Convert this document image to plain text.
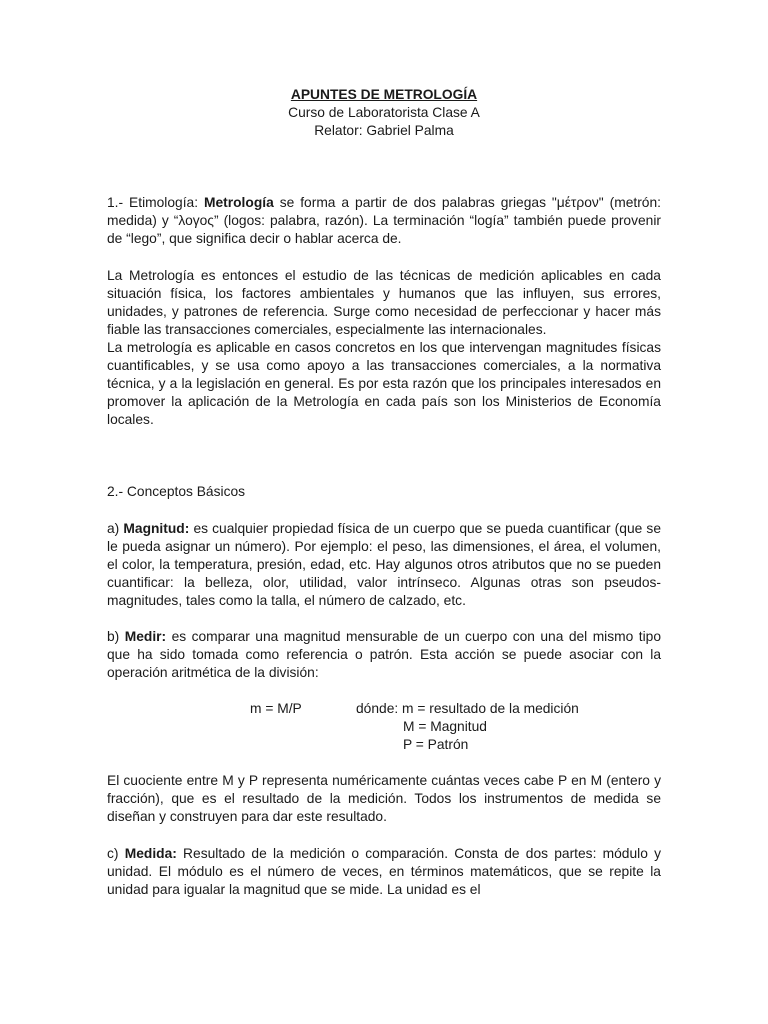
APUNTES DE METROLOGÍA

Curso de Laboratorista Clase A

Relator: Gabriel Palma

1.- Etimología: Metrología se forma a partir de dos palabras griegas "μέτρον" (metrón: medida) y “λογος” (logos: palabra, razón). La terminación “logía” también puede provenir de “lego”, que significa decir o hablar acerca de.

La Metrología es entonces el estudio de las técnicas de medición aplicables en cada situación física, los factores ambientales y humanos que las influyen, sus errores, unidades, y patrones de referencia. Surge como necesidad de perfeccionar y hacer más fiable las transacciones comerciales, especialmente las internacionales.

La metrología es aplicable en casos concretos en los que intervengan magnitudes físicas cuantificables, y se usa como apoyo a las transacciones comerciales, a la normativa técnica, y a la legislación en general. Es por esta razón que los principales interesados en promover la aplicación de la Metrología en cada país son los Ministerios de Economía locales.

2.- Conceptos Básicos

a) Magnitud: es cualquier propiedad física de un cuerpo que se pueda cuantificar (que se le pueda asignar un número). Por ejemplo: el peso, las dimensiones, el área, el volumen, el color, la temperatura, presión, edad, etc. Hay algunos otros atributos que no se pueden cuantificar: la belleza, olor, utilidad, valor intrínseco. Algunas otras son pseudos-magnitudes, tales como la talla, el número de calzado, etc.

b) Medir: es comparar una magnitud mensurable de un cuerpo con una del mismo tipo que ha sido tomada como referencia o patrón. Esta acción se puede asociar con la operación aritmética de la división:

m = M/P	dónde: m = resultado de la medición
M = Magnitud
P = Patrón

El cuociente entre M y P representa numéricamente cuántas veces cabe P en M (entero y fracción), que es el resultado de la medición. Todos los instrumentos de medida se diseñan y construyen para dar este resultado.

c) Medida: Resultado de la medición o comparación. Consta de dos partes: módulo y unidad. El módulo es el número de veces, en términos matemáticos, que se repite la unidad para igualar la magnitud que se mide. La unidad es el
